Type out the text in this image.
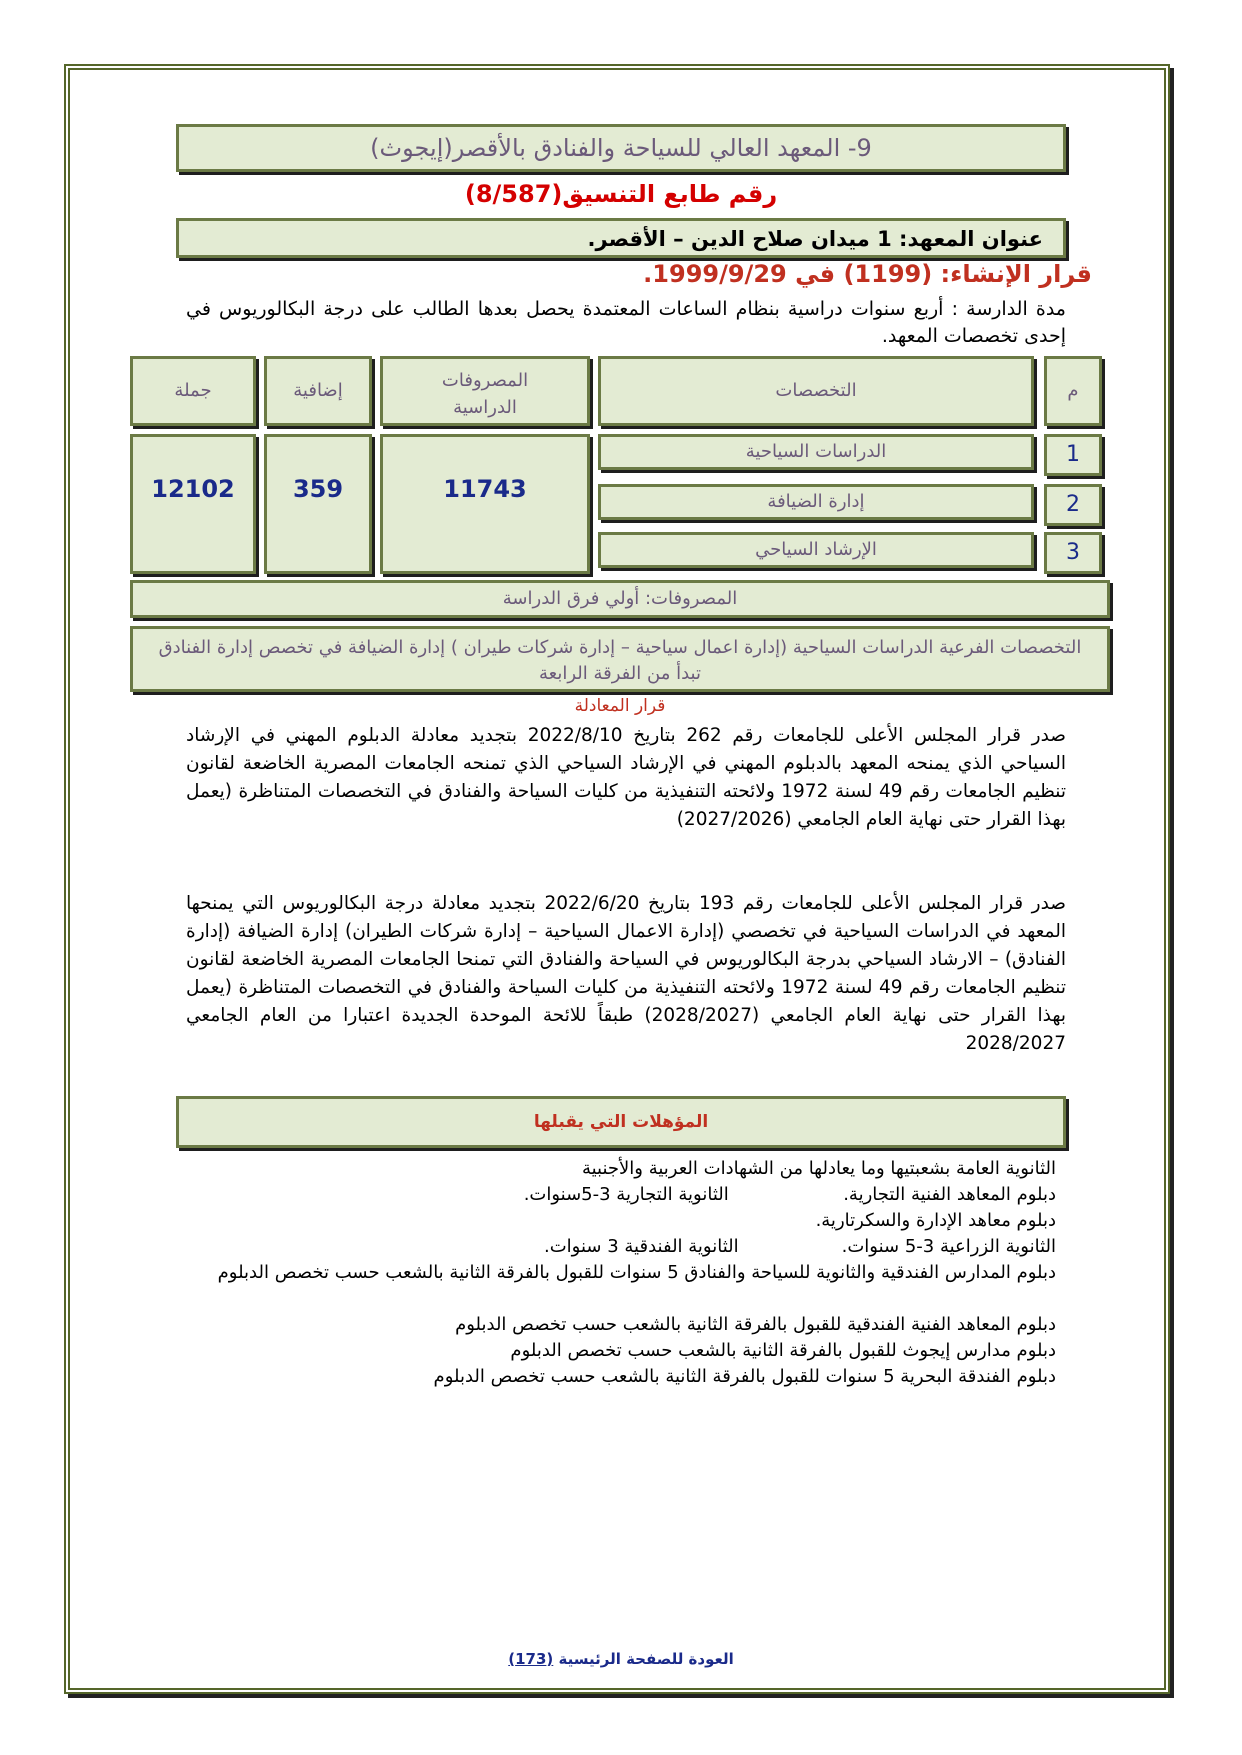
9- المعهد العالي للسياحة والفنادق بالأقصر(إيجوث)
رقم طابع التنسيق(8/587)
عنوان المعهد: 1 ميدان صلاح الدين – الأقصر.
قرار الإنشاء: (1199) في 1999/9/29.
مدة الدارسة : أربع سنوات دراسية بنظام الساعات المعتمدة يحصل بعدها الطالب على درجة البكالوريوس في إحدى تخصصات المعهد.
م
التخصصات
المصروفات الدراسية
إضافية
جملة
1
الدراسات السياحية
2
إدارة الضيافة
3
الإرشاد السياحي
11743
359
12102
المصروفات: أولي فرق الدراسة
التخصصات الفرعية الدراسات السياحية (إدارة اعمال سياحية – إدارة شركات طيران ) إدارة الضيافة في تخصص إدارة الفنادق تبدأ من الفرقة الرابعة
قرار المعادلة
صدر قرار المجلس الأعلى للجامعات رقم 262 بتاريخ 2022/8/10 بتجديد معادلة الدبلوم المهني في الإرشاد السياحي الذي يمنحه المعهد بالدبلوم المهني في الإرشاد السياحي الذي تمنحه الجامعات المصرية الخاضعة لقانون تنظيم الجامعات رقم 49 لسنة 1972 ولائحته التنفيذية من كليات السياحة والفنادق في التخصصات المتناظرة (يعمل بهذا القرار حتى نهاية العام الجامعي (2027/2026)
صدر قرار المجلس الأعلى للجامعات رقم 193 بتاريخ 2022/6/20 بتجديد معادلة درجة البكالوريوس التي يمنحها المعهد في الدراسات السياحية في تخصصي (إدارة الاعمال السياحية – إدارة شركات الطيران) إدارة الضيافة (إدارة الفنادق) – الارشاد السياحي بدرجة البكالوريوس في السياحة والفنادق التي تمنحا الجامعات المصرية الخاضعة لقانون تنظيم الجامعات رقم 49 لسنة 1972 ولائحته التنفيذية من كليات السياحة والفنادق في التخصصات المتناظرة (يعمل بهذا القرار حتى نهاية العام الجامعي (2028/2027) طبقاً للائحة الموحدة الجديدة اعتبارا من العام الجامعي 2028/2027
المؤهلات التي يقبلها
الثانوية العامة بشعبتيها وما يعادلها من الشهادات العربية والأجنبية
دبلوم المعاهد الفنية التجارية.                    الثانوية التجارية 3-5سنوات.
دبلوم معاهد الإدارة والسكرتارية.
الثانوية الزراعية 3-5 سنوات.                  الثانوية الفندقية 3 سنوات.
دبلوم المدارس الفندقية والثانوية للسياحة والفنادق 5 سنوات للقبول بالفرقة الثانية بالشعب حسب تخصص الدبلوم
دبلوم المعاهد الفنية الفندقية للقبول بالفرقة الثانية بالشعب حسب تخصص الدبلوم
دبلوم مدارس إيجوث للقبول بالفرقة الثانية بالشعب حسب تخصص الدبلوم
دبلوم الفندقة البحرية 5 سنوات للقبول بالفرقة الثانية بالشعب حسب تخصص الدبلوم
العودة للصفحة الرئيسية (173)
